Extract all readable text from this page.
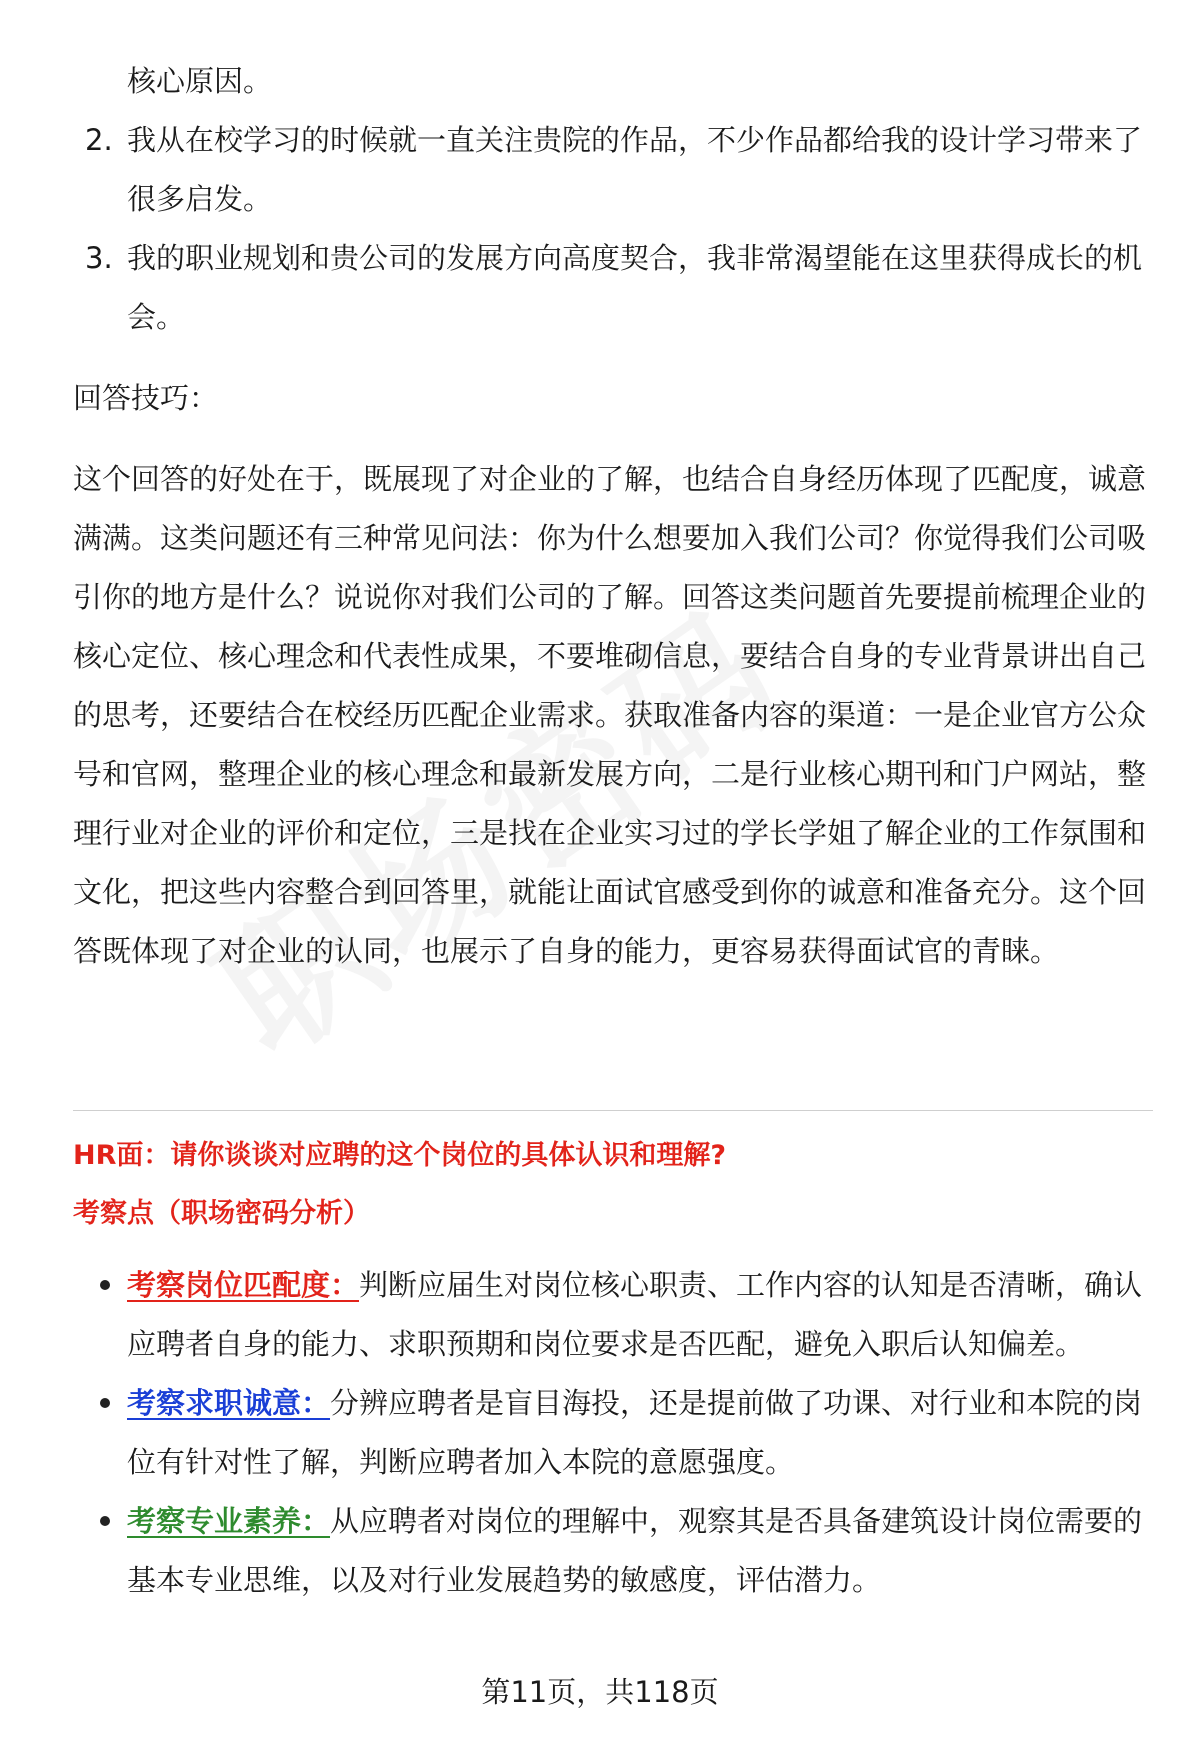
核心原因。

2. 我从在校学习的时候就一直关注贵院的作品，不少作品都给我的设计学习带来了很多启发。
3. 我的职业规划和贵公司的发展方向高度契合，我非常渴望能在这里获得成长的机会。

回答技巧：

这个回答的好处在于，既展现了对企业的了解，也结合自身经历体现了匹配度，诚意满满。这类问题还有三种常见问法：你为什么想要加入我们公司？你觉得我们公司吸引你的地方是什么？说说你对我们公司的了解。回答这类问题首先要提前梳理企业的核心定位、核心理念和代表性成果，不要堆砌信息，要结合自身的专业背景讲出自己的思考，还要结合在校经历匹配企业需求。获取准备内容的渠道：一是企业官方公众号和官网，整理企业的核心理念和最新发展方向，二是行业核心期刊和门户网站，整理行业对企业的评价和定位，三是找在企业实习过的学长学姐了解企业的工作氛围和文化，把这些内容整合到回答里，就能让面试官感受到你的诚意和准备充分。这个回答既体现了对企业的认同，也展示了自身的能力，更容易获得面试官的青睐。

HR面：请你谈谈对应聘的这个岗位的具体认识和理解?

考察点（职场密码分析）

考察岗位匹配度：判断应届生对岗位核心职责、工作内容的认知是否清晰，确认应聘者自身的能力、求职预期和岗位要求是否匹配，避免入职后认知偏差。
考察求职诚意：分辨应聘者是盲目海投，还是提前做了功课、对行业和本院的岗位有针对性了解，判断应聘者加入本院的意愿强度。
考察专业素养：从应聘者对岗位的理解中，观察其是否具备建筑设计岗位需要的基本专业思维，以及对行业发展趋势的敏感度，评估潜力。
第11页，共118页
